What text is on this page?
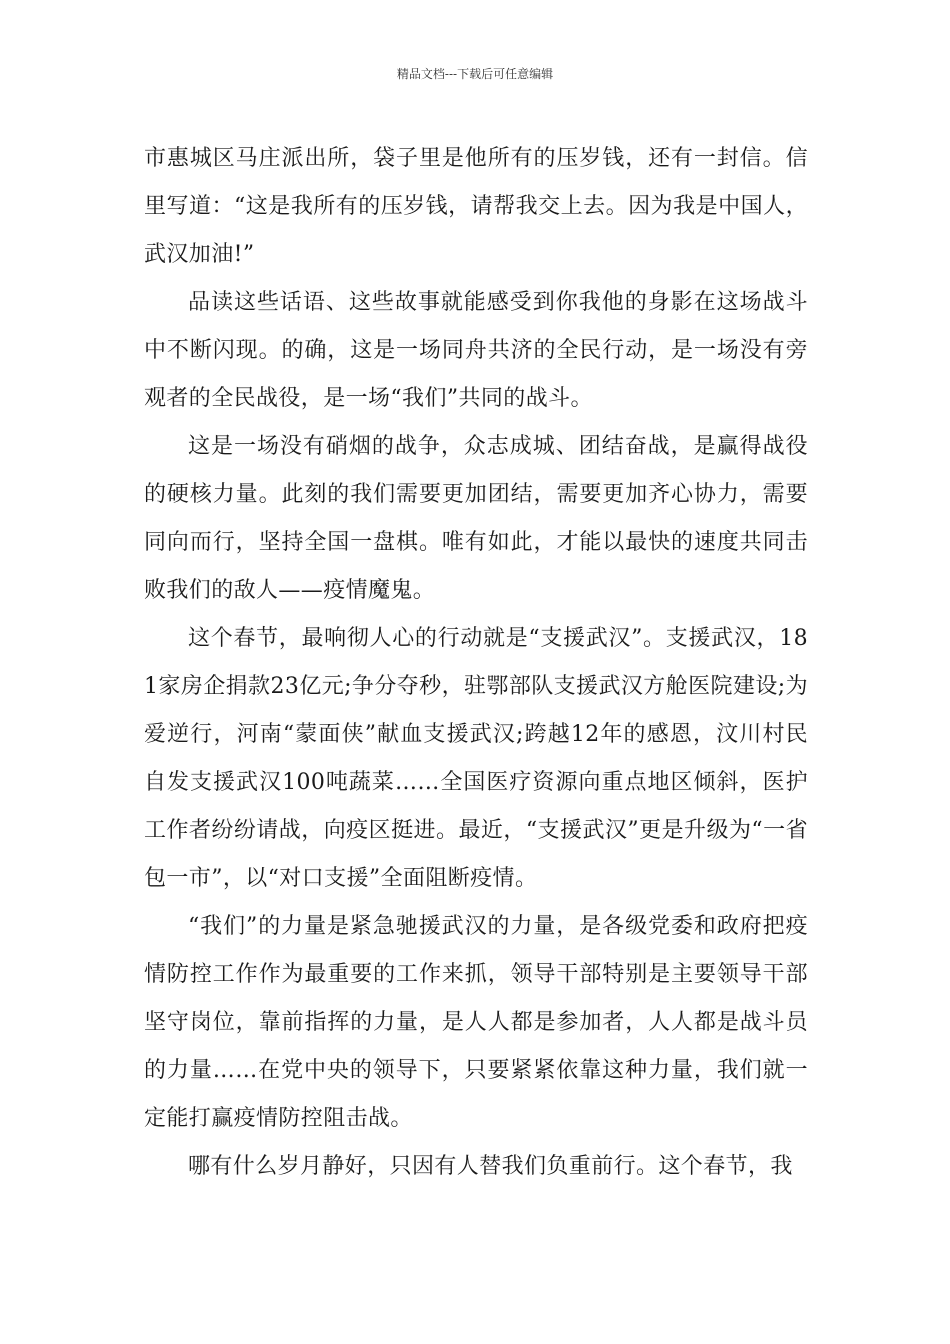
精品文档---下载后可任意编辑

市惠城区马庄派出所，袋子里是他所有的压岁钱，还有一封信。信里写道：“这是我所有的压岁钱，请帮我交上去。因为我是中国人，武汉加油!”

品读这些话语、这些故事就能感受到你我他的身影在这场战斗中不断闪现。的确，这是一场同舟共济的全民行动，是一场没有旁观者的全民战役，是一场“我们”共同的战斗。

这是一场没有硝烟的战争，众志成城、团结奋战，是赢得战役的硬核力量。此刻的我们需要更加团结，需要更加齐心协力，需要同向而行，坚持全国一盘棋。唯有如此，才能以最快的速度共同击败我们的敌人——疫情魔鬼。

这个春节，最响彻人心的行动就是“支援武汉”。支援武汉，181家房企捐款23亿元;争分夺秒，驻鄂部队支援武汉方舱医院建设;为爱逆行，河南“蒙面侠”献血支援武汉;跨越12年的感恩，汶川村民自发支援武汉100吨蔬菜……全国医疗资源向重点地区倾斜，医护工作者纷纷请战，向疫区挺进。最近，“支援武汉”更是升级为“一省包一市”，以“对口支援”全面阻断疫情。

“我们”的力量是紧急驰援武汉的力量，是各级党委和政府把疫情防控工作作为最重要的工作来抓，领导干部特别是主要领导干部坚守岗位，靠前指挥的力量，是人人都是参加者，人人都是战斗员的力量……在党中央的领导下，只要紧紧依靠这种力量，我们就一定能打赢疫情防控阻击战。

哪有什么岁月静好，只因有人替我们负重前行。这个春节，我
